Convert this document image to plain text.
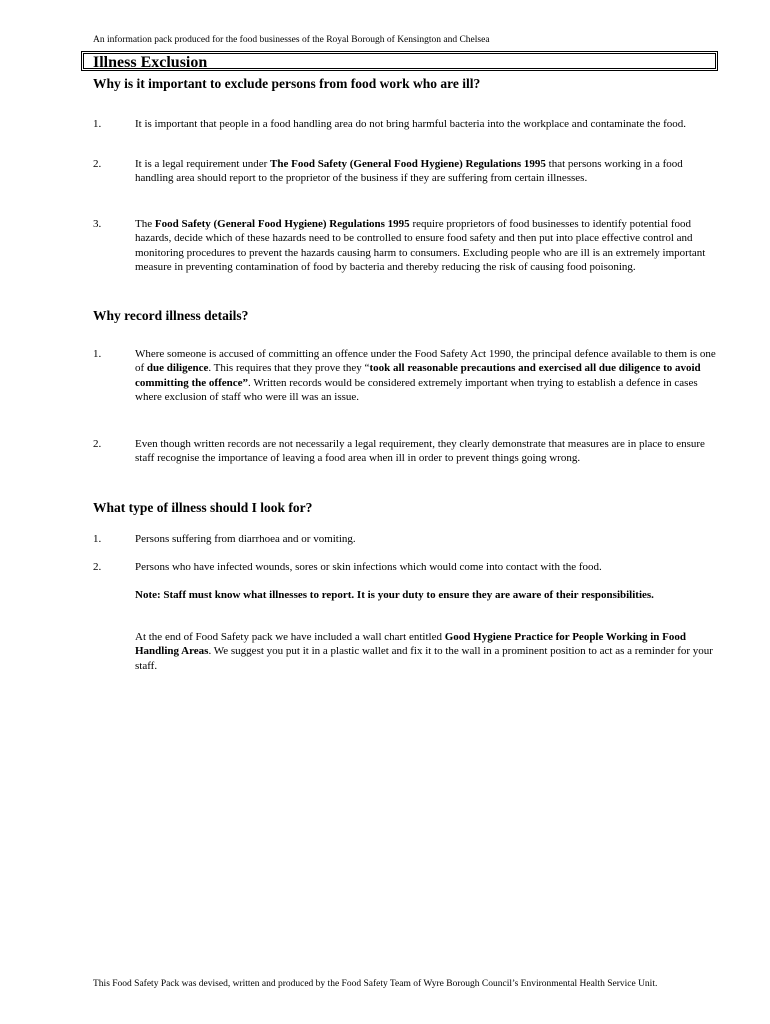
An information pack produced for the food businesses of the Royal Borough of Kensington and Chelsea
Illness Exclusion
Why is it important to exclude persons from food work who are ill?
1.	It is important that people in a food handling area do not bring harmful bacteria into the workplace and contaminate the food.
2.	It is a legal requirement under The Food Safety (General Food Hygiene) Regulations 1995 that persons working in a food handling area should report to the proprietor of the business if they are suffering from certain illnesses.
3.	The Food Safety (General Food Hygiene) Regulations 1995 require proprietors of food businesses to identify potential food hazards, decide which of these hazards need to be controlled to ensure food safety and then put into place effective control and monitoring procedures to prevent the hazards causing harm to consumers. Excluding people who are ill is an extremely important measure in preventing contamination of food by bacteria and thereby reducing the risk of causing food poisoning.
Why record illness details?
1.	Where someone is accused of committing an offence under the Food Safety Act 1990, the principal defence available to them is one of due diligence. This requires that they prove they “took all reasonable precautions and exercised all due diligence to avoid committing the offence”. Written records would be considered extremely important when trying to establish a defence in cases where exclusion of staff who were ill was an issue.
2.	Even though written records are not necessarily a legal requirement, they clearly demonstrate that measures are in place to ensure staff recognise the importance of leaving a food area when ill in order to prevent things going wrong.
What type of illness should I look for?
1.	Persons suffering from diarrhoea and or vomiting.
2.	Persons who have infected wounds, sores or skin infections which would come into contact with the food.
Note: Staff must know what illnesses to report. It is your duty to ensure they are aware of their responsibilities.
At the end of Food Safety pack we have included a wall chart entitled Good Hygiene Practice for People Working in Food Handling Areas. We suggest you put it in a plastic wallet and fix it to the wall in a prominent position to act as a reminder for your staff.
This Food Safety Pack was devised, written and produced by the Food Safety Team of Wyre Borough Council’s Environmental Health Service Unit.
